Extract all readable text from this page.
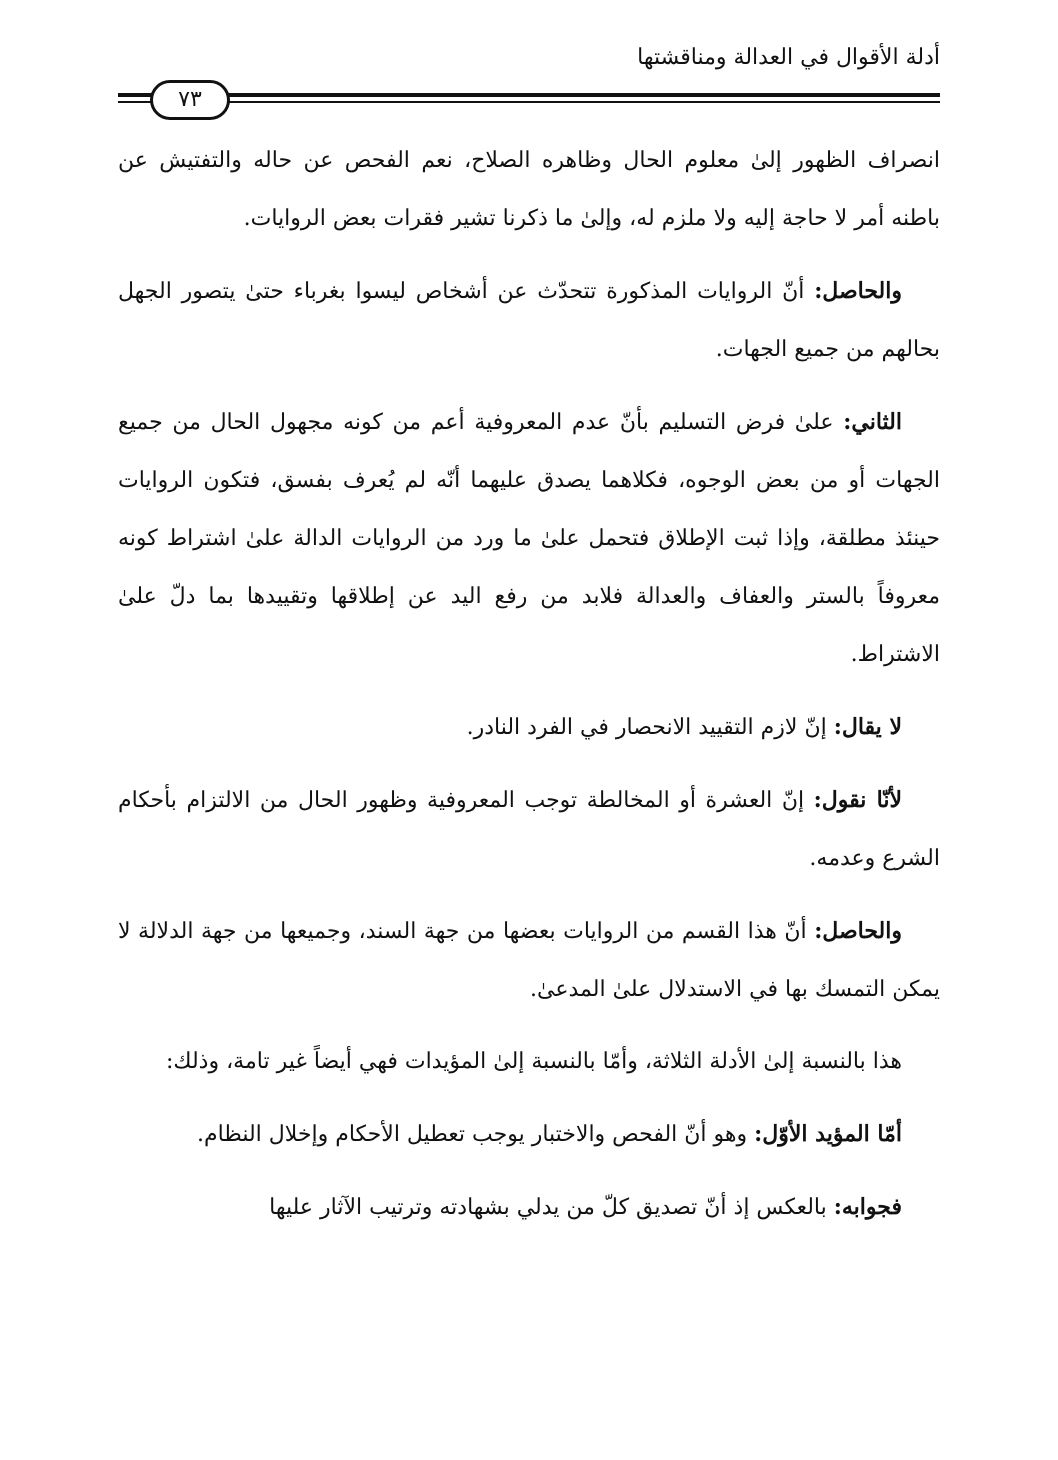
أدلة الأقوال في العدالة ومناقشتها
٧٣

انصراف الظهور إلىٰ معلوم الحال وظاهره الصلاح، نعم الفحص عن حاله والتفتيش عن باطنه أمر لا حاجة إليه ولا ملزم له، وإلىٰ ما ذكرنا تشير فقرات بعض الروايات.

والحاصل: أنّ الروايات المذكورة تتحدّث عن أشخاص ليسوا بغرباء حتىٰ يتصور الجهل بحالهم من جميع الجهات.

الثاني: علىٰ فرض التسليم بأنّ عدم المعروفية أعم من كونه مجهول الحال من جميع الجهات أو من بعض الوجوه، فكلاهما يصدق عليهما أنّه لم يُعرف بفسق، فتكون الروايات حينئذ مطلقة، وإذا ثبت الإطلاق فتحمل علىٰ ما ورد من الروايات الدالة علىٰ اشتراط كونه معروفاً بالستر والعفاف والعدالة فلابد من رفع اليد عن إطلاقها وتقييدها بما دلّ علىٰ الاشتراط.

لا يقال: إنّ لازم التقييد الانحصار في الفرد النادر.

لأنّا نقول: إنّ العشرة أو المخالطة توجب المعروفية وظهور الحال من الالتزام بأحكام الشرع وعدمه.

والحاصل: أنّ هذا القسم من الروايات بعضها من جهة السند، وجميعها من جهة الدلالة لا يمكن التمسك بها في الاستدلال علىٰ المدعىٰ.

هذا بالنسبة إلىٰ الأدلة الثلاثة، وأمّا بالنسبة إلىٰ المؤيدات فهي أيضاً غير تامة، وذلك:

أمّا المؤيد الأوّل: وهو أنّ الفحص والاختبار يوجب تعطيل الأحكام وإخلال النظام.

فجوابه: بالعكس إذ أنّ تصديق كلّ من يدلي بشهادته وترتيب الآثار عليها
